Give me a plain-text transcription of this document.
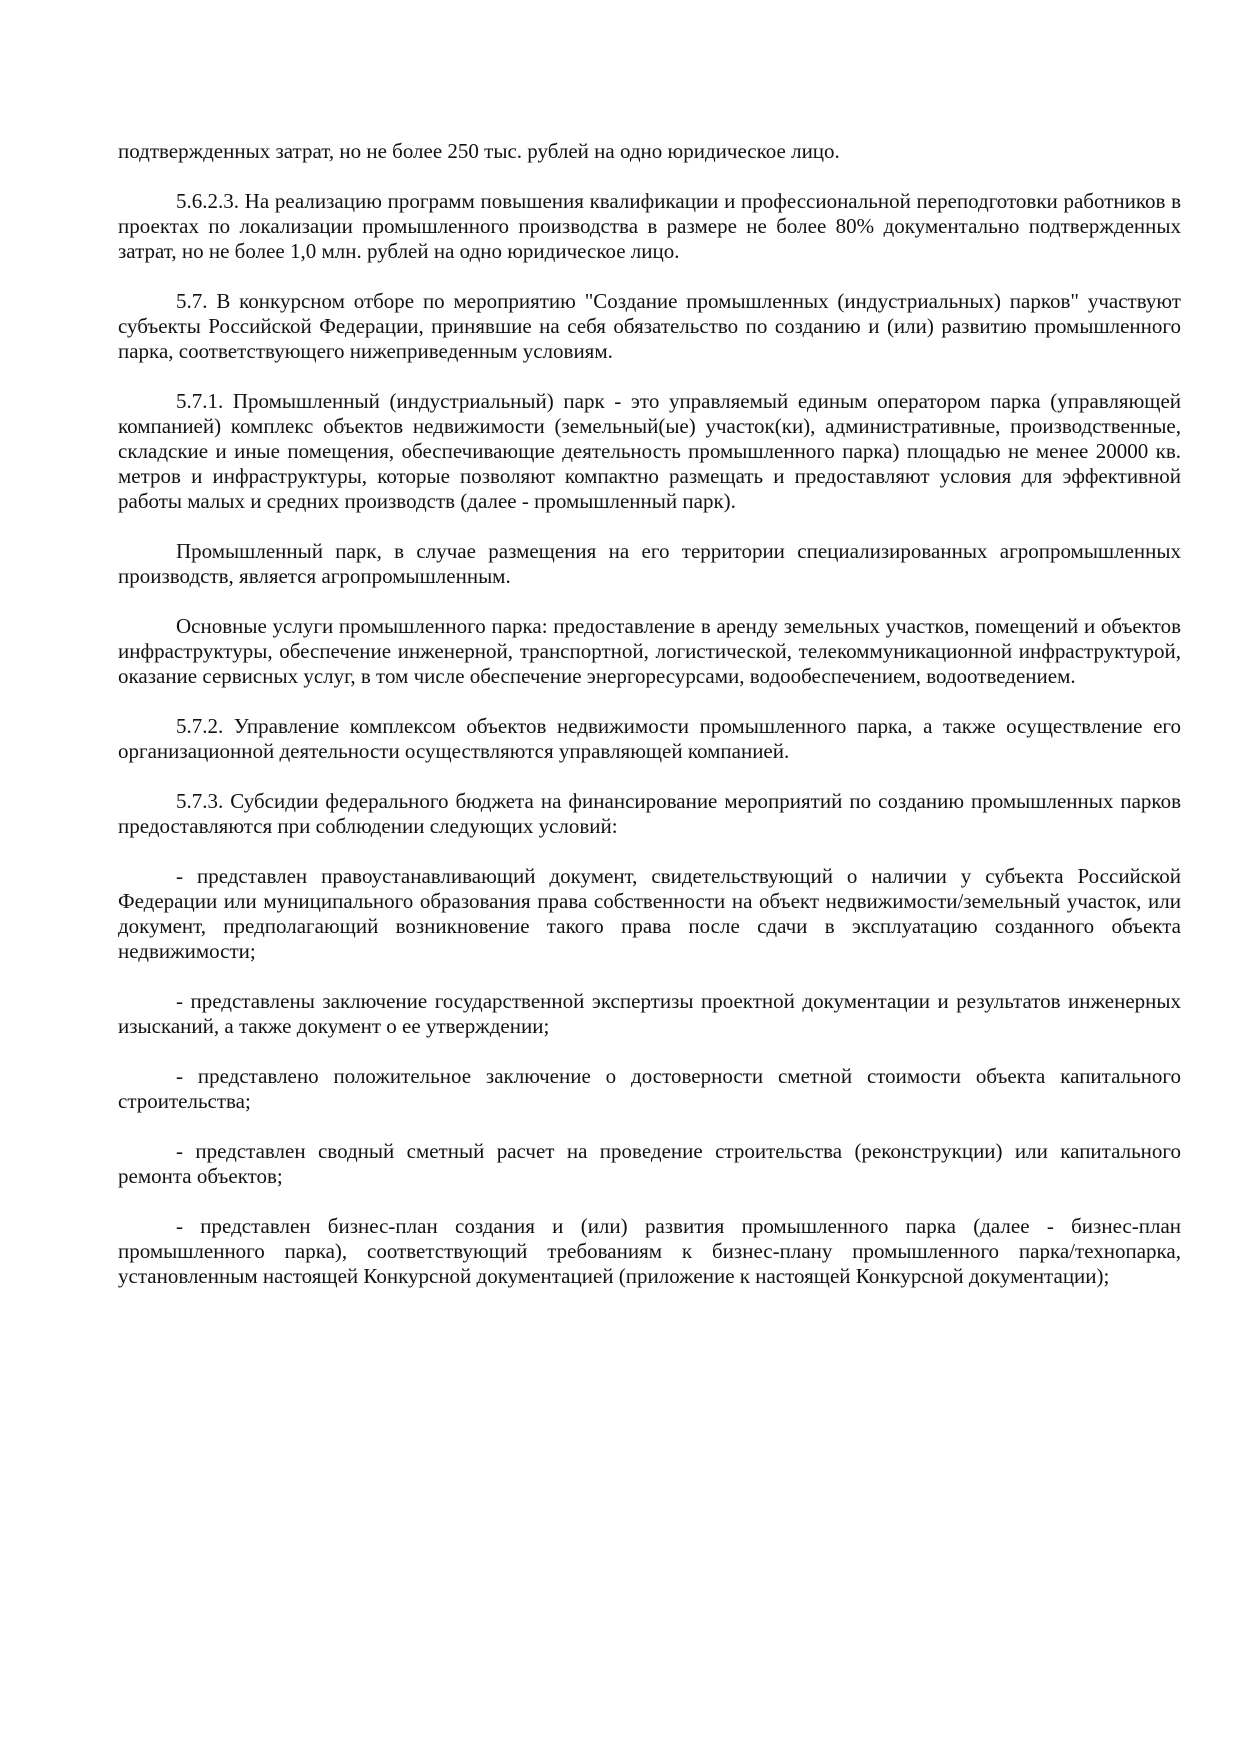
подтвержденных затрат, но не более 250 тыс. рублей на одно юридическое лицо.

5.6.2.3. На реализацию программ повышения квалификации и профессиональной переподготовки работников в проектах по локализации промышленного производства в размере не более 80% документально подтвержденных затрат, но не более 1,0 млн. рублей на одно юридическое лицо.

5.7. В конкурсном отборе по мероприятию "Создание промышленных (индустриальных) парков" участвуют субъекты Российской Федерации, принявшие на себя обязательство по созданию и (или) развитию промышленного парка, соответствующего нижеприведенным условиям.

5.7.1. Промышленный (индустриальный) парк - это управляемый единым оператором парка (управляющей компанией) комплекс объектов недвижимости (земельный(ые) участок(ки), административные, производственные, складские и иные помещения, обеспечивающие деятельность промышленного парка) площадью не менее 20000 кв. метров и инфраструктуры, которые позволяют компактно размещать и предоставляют условия для эффективной работы малых и средних производств (далее - промышленный парк).

Промышленный парк, в случае размещения на его территории специализированных агропромышленных производств, является агропромышленным.

Основные услуги промышленного парка: предоставление в аренду земельных участков, помещений и объектов инфраструктуры, обеспечение инженерной, транспортной, логистической, телекоммуникационной инфраструктурой, оказание сервисных услуг, в том числе обеспечение энергоресурсами, водообеспечением, водоотведением.

5.7.2. Управление комплексом объектов недвижимости промышленного парка, а также осуществление его организационной деятельности осуществляются управляющей компанией.

5.7.3. Субсидии федерального бюджета на финансирование мероприятий по созданию промышленных парков предоставляются при соблюдении следующих условий:

- представлен правоустанавливающий документ, свидетельствующий о наличии у субъекта Российской Федерации или муниципального образования права собственности на объект недвижимости/земельный участок, или документ, предполагающий возникновение такого права после сдачи в эксплуатацию созданного объекта недвижимости;

- представлены заключение государственной экспертизы проектной документации и результатов инженерных изысканий, а также документ о ее утверждении;

- представлено положительное заключение о достоверности сметной стоимости объекта капитального строительства;

- представлен сводный сметный расчет на проведение строительства (реконструкции) или капитального ремонта объектов;

- представлен бизнес-план создания и (или) развития промышленного парка (далее - бизнес-план промышленного парка), соответствующий требованиям к бизнес-плану промышленного парка/технопарка, установленным настоящей Конкурсной документацией (приложение к настоящей Конкурсной документации);
